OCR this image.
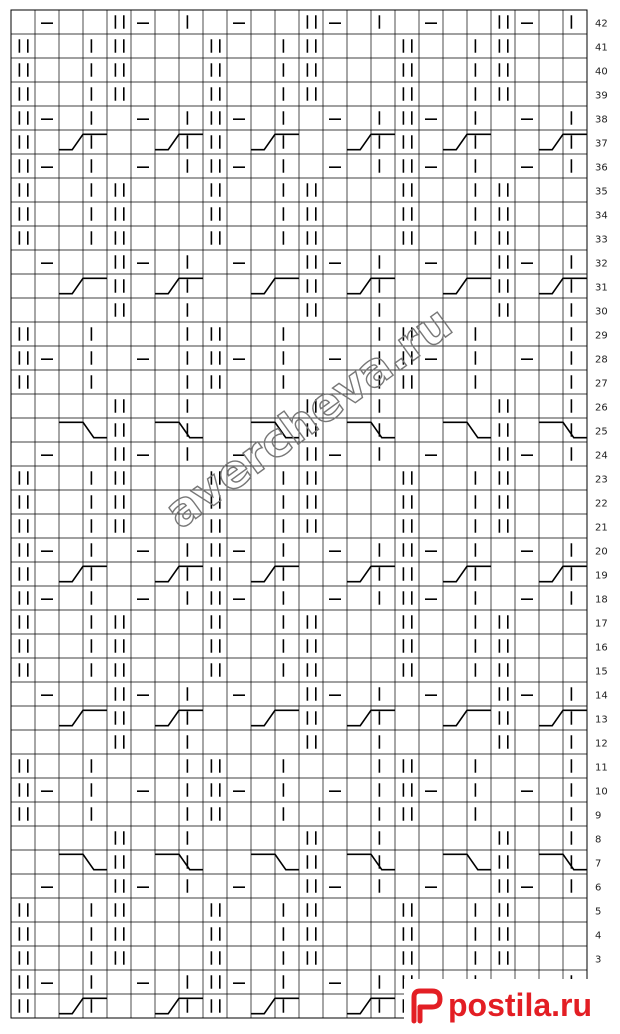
3
4
5
6
7
8
9
10
11
12
13
14
15
16
17
18
19
20
21
22
23
24
25
26
27
28
29
30
31
32
33
34
35
36
37
38
39
40
41
42
avercheva.ru
postila.ru
